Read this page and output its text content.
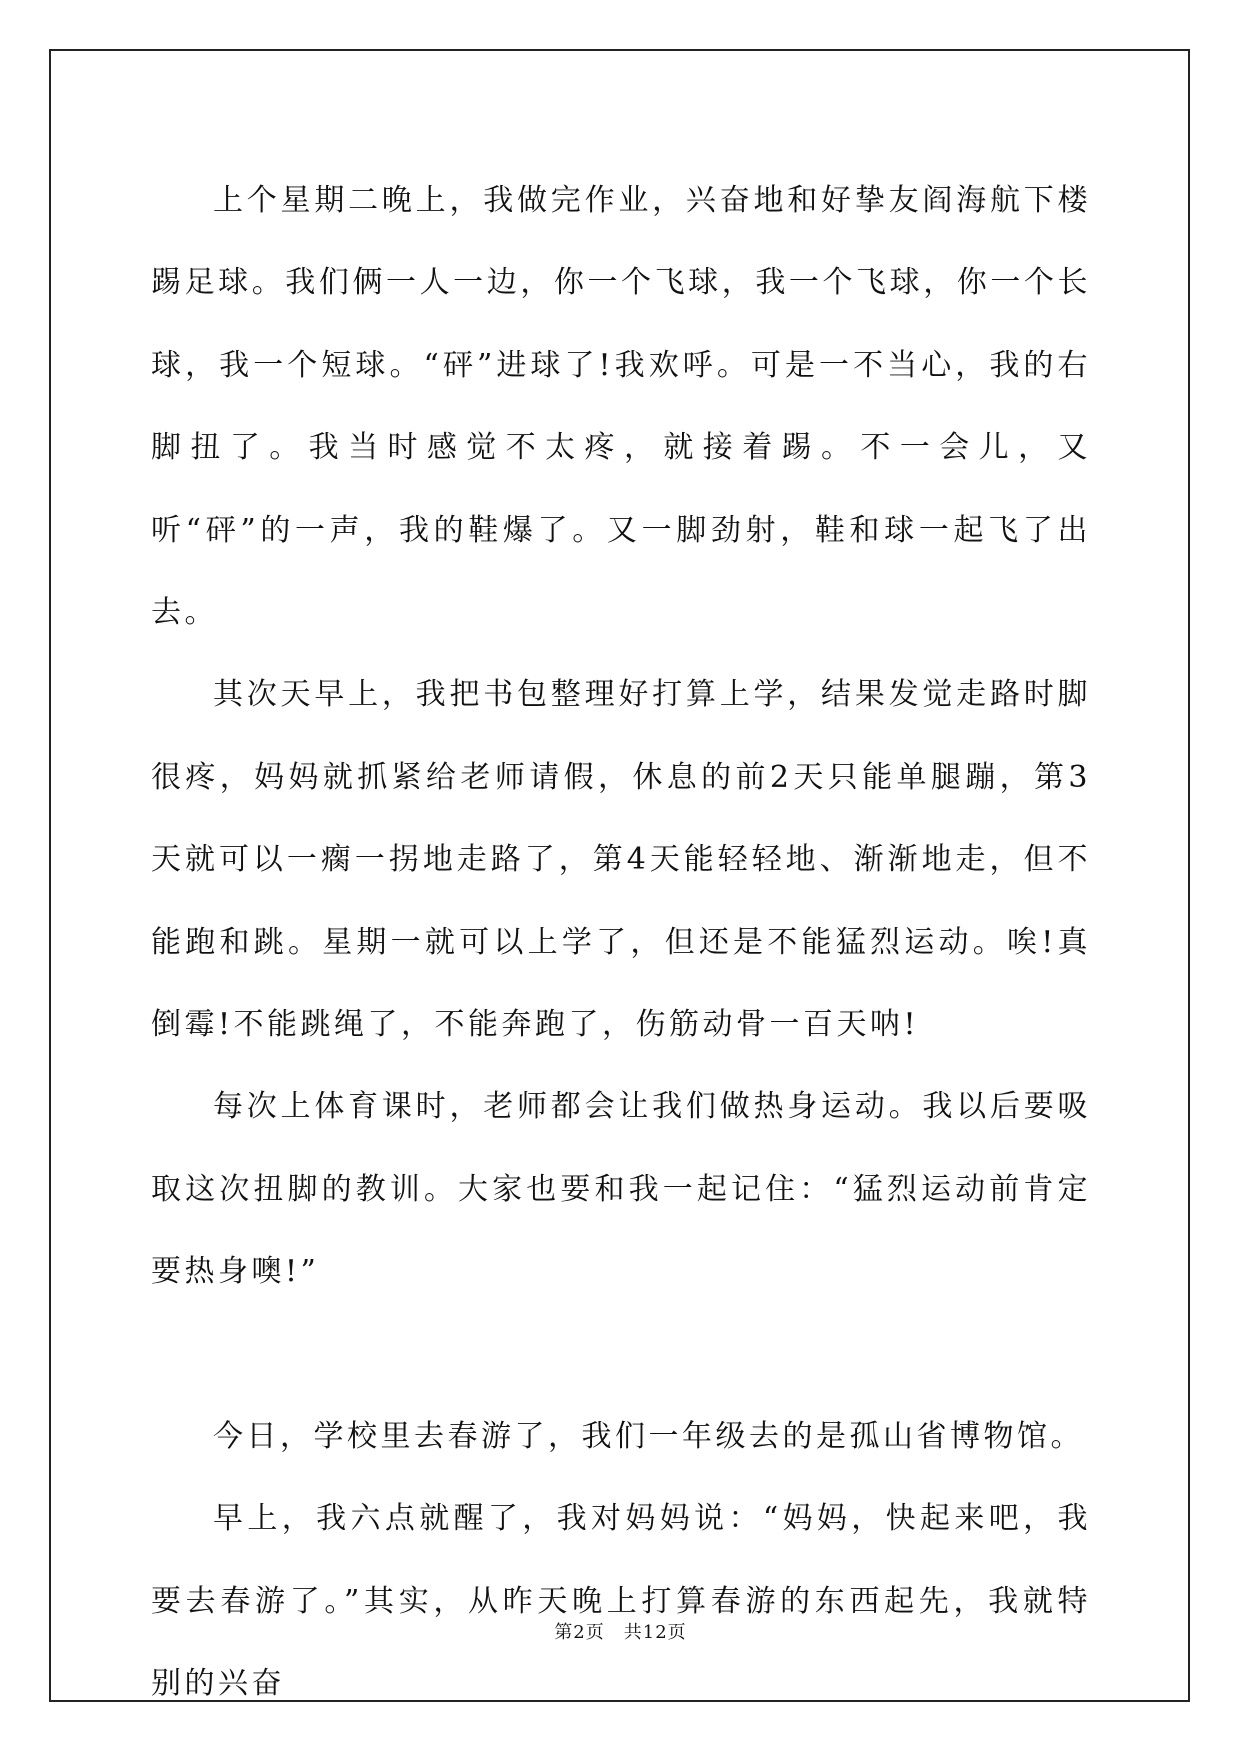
上个星期二晚上，我做完作业，兴奋地和好挚友阎海航下楼踢足球。我们俩一人一边，你一个飞球，我一个飞球，你一个长球，我一个短球。“砰”进球了!我欢呼。可是一不当心，我的右脚扭了。我当时感觉不太疼，就接着踢。不一会儿，又听“砰”的一声，我的鞋爆了。又一脚劲射，鞋和球一起飞了出去。

其次天早上，我把书包整理好打算上学，结果发觉走路时脚很疼，妈妈就抓紧给老师请假，休息的前2天只能单腿蹦，第3天就可以一瘸一拐地走路了，第4天能轻轻地、渐渐地走，但不能跑和跳。星期一就可以上学了，但还是不能猛烈运动。唉!真倒霉!不能跳绳了，不能奔跑了，伤筋动骨一百天呐!

每次上体育课时，老师都会让我们做热身运动。我以后要吸取这次扭脚的教训。大家也要和我一起记住：“猛烈运动前肯定要热身噢!”

今日，学校里去春游了，我们一年级去的是孤山省博物馆。

早上，我六点就醒了，我对妈妈说：“妈妈，快起来吧，我要去春游了。”其实，从昨天晚上打算春游的东西起先，我就特别的兴奋

第2页　共12页
